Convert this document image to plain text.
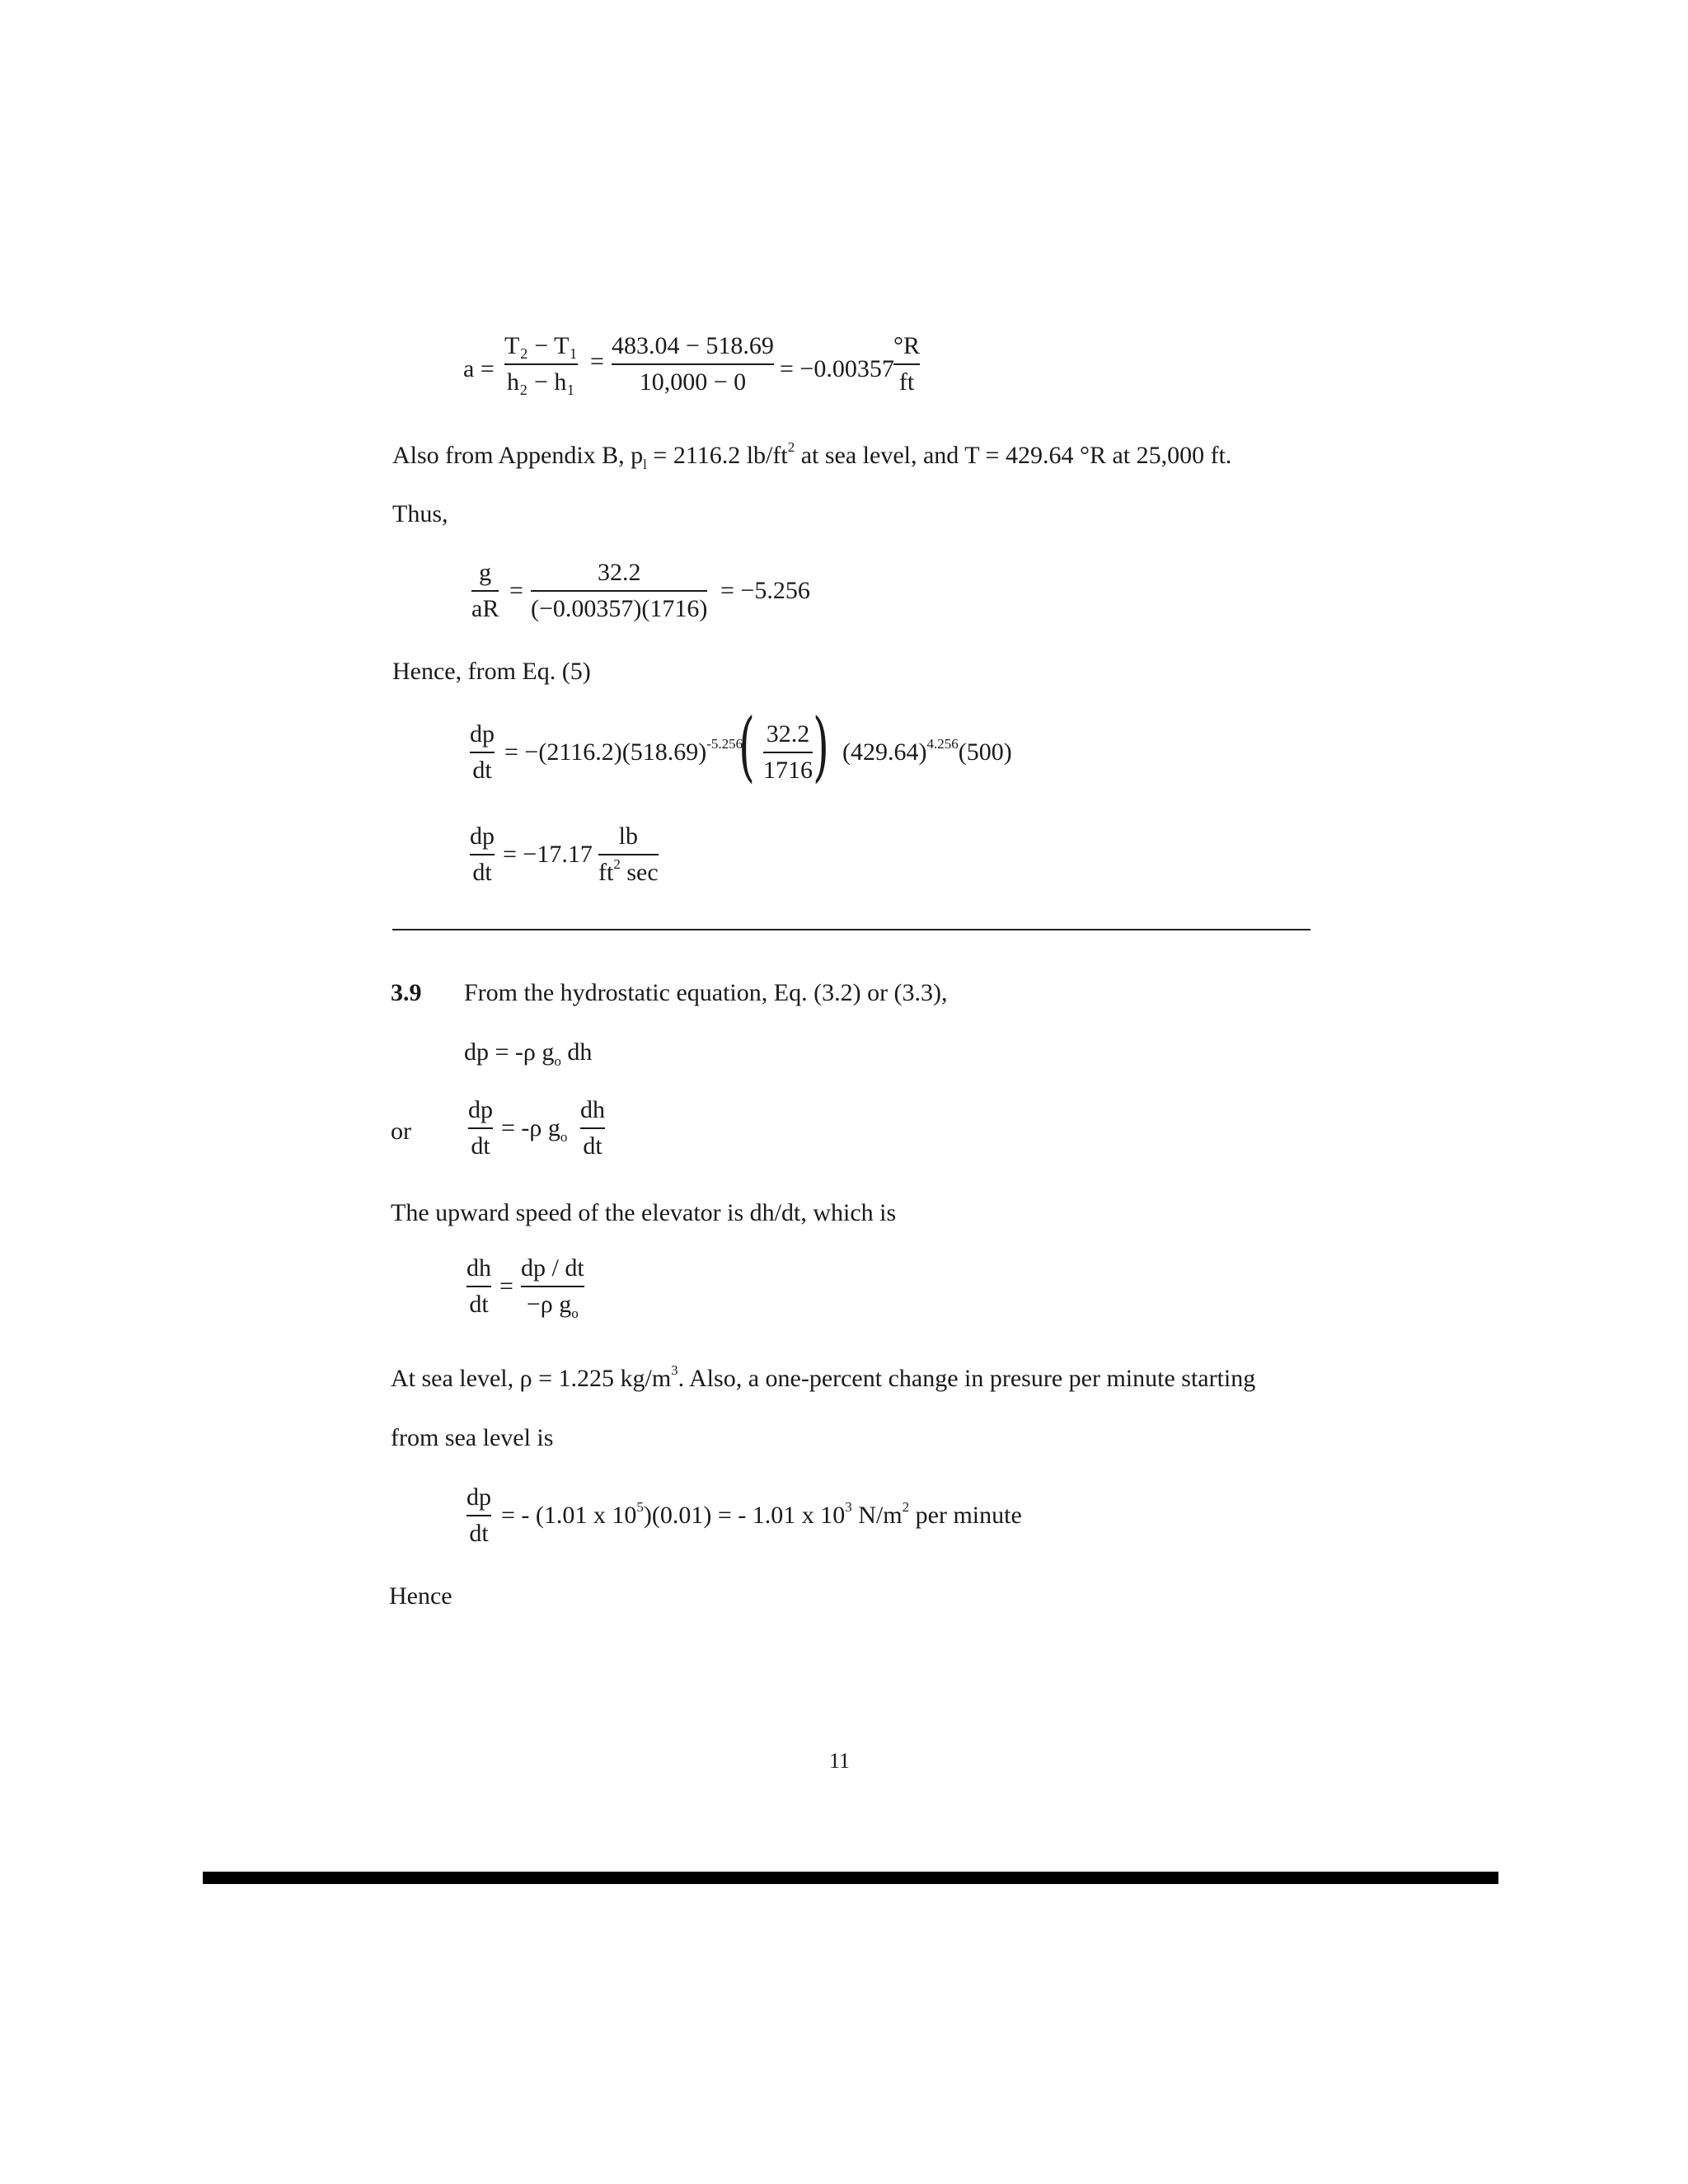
a =
T₂ − T₁
h₂ − h₁
=
483.04 − 518.69
10,000 − 0	= −0.00357
°R
ft
Also from Appendix B, $p_l = 2116.2$ $lb/ft^2$ at sea level, and T = 429.64 °R at 25,000 ft.
Thus,
g
aR
=
32.2
(−0.00357)(1716)
= −5.256
Hence, from Eq. (5)
dp
dt
= $-(2116.2)(518.69)^{-5.256}$
( 32.2
1716 ) $(429.64)^{4.256}(500)$
dp
dt
= −17.17
lb
$ft^2$ sec
3.9 From the hydrostatic equation, Eq. (3.2) or (3.3),
dp = -ρ $g_o$ dh
or
dp
dt
= -ρ $g_o$
dh
dt
The upward speed of the elevator is dh/dt, which is
dh
dt
=
dp / dt
−ρ $g_o$
At sea level, ρ = 1.225 $kg/m^3$. Also, a one-percent change in presure per minute starting
from sea level is
dp
dt
= - (1.01 x $10^5)(0.01)$ = - 1.01 x $10^3$ $N/m^2$ per minute
Hence
11
